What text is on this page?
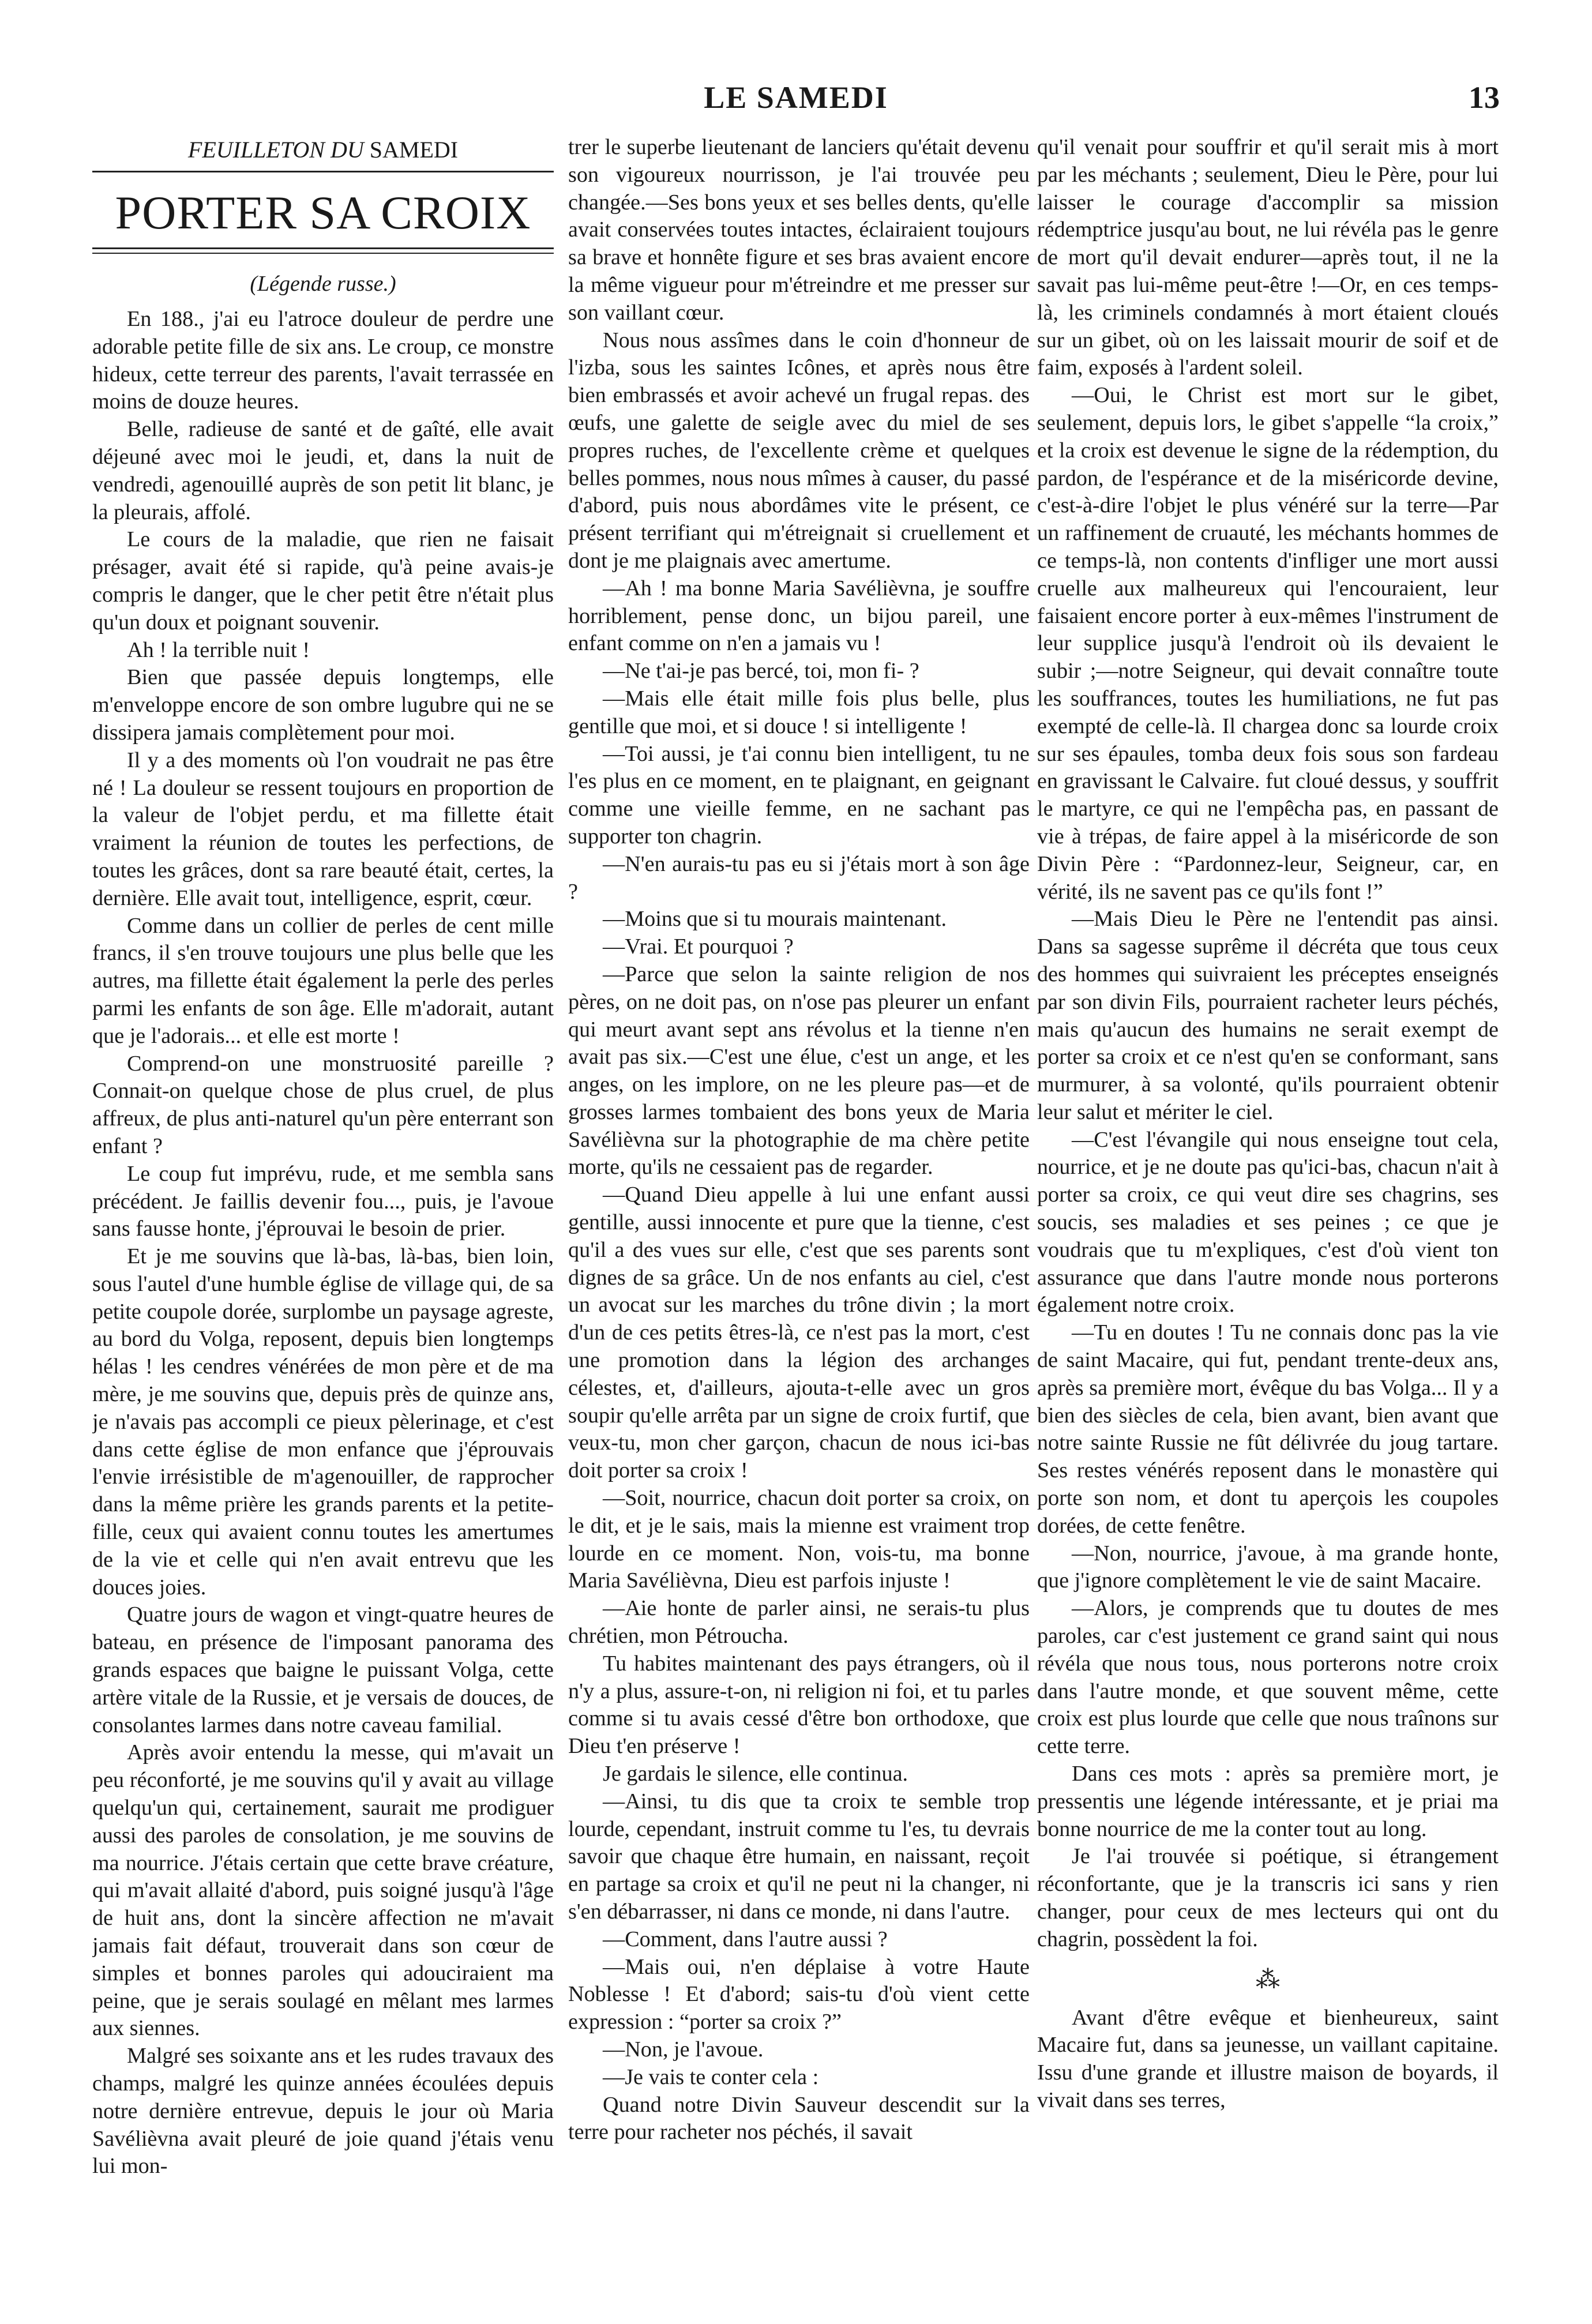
LE SAMEDI	13
FEUILLETON DU SAMEDI
PORTER SA CROIX
(Légende russe.)

En 188., j'ai eu l'atroce douleur de perdre une adorable petite fille de six ans. Le croup, ce monstre hideux, cette terreur des parents, l'avait terrassée en moins de douze heures.

Belle, radieuse de santé et de gaîté, elle avait déjeuné avec moi le jeudi, et, dans la nuit de vendredi, agenouillé auprès de son petit lit blanc, je la pleurais, affolé.

Le cours de la maladie, que rien ne faisait présager, avait été si rapide, qu'à peine avais-je compris le danger, que le cher petit être n'était plus qu'un doux et poignant souvenir.

Ah ! la terrible nuit !

Bien que passée depuis longtemps, elle m'enveloppe encore de son ombre lugubre qui ne se dissipera jamais complètement pour moi.

Il y a des moments où l'on voudrait ne pas être né ! La douleur se ressent toujours en proportion de la valeur de l'objet perdu, et ma fillette était vraiment la réunion de toutes les perfections, de toutes les grâces, dont sa rare beauté était, certes, la dernière. Elle avait tout, intelligence, esprit, cœur.

Comme dans un collier de perles de cent mille francs, il s'en trouve toujours une plus belle que les autres, ma fillette était également la perle des perles parmi les enfants de son âge. Elle m'adorait, autant que je l'adorais... et elle est morte !

Comprend-on une monstruosité pareille ? Connait-on quelque chose de plus cruel, de plus affreux, de plus anti-naturel qu'un père enterrant son enfant ?

Le coup fut imprévu, rude, et me sembla sans précédent. Je faillis devenir fou..., puis, je l'avoue sans fausse honte, j'éprouvai le besoin de prier.

Et je me souvins que là-bas, là-bas, bien loin, sous l'autel d'une humble église de village qui, de sa petite coupole dorée, surplombe un paysage agreste, au bord du Volga, reposent, depuis bien longtemps hélas ! les cendres vénérées de mon père et de ma mère, je me souvins que, depuis près de quinze ans, je n'avais pas accompli ce pieux pèlerinage, et c'est dans cette église de mon enfance que j'éprouvais l'envie irrésistible de m'agenouiller, de rapprocher dans la même prière les grands parents et la petite-fille, ceux qui avaient connu toutes les amertumes de la vie et celle qui n'en avait entrevu que les douces joies.

Quatre jours de wagon et vingt-quatre heures de bateau, en présence de l'imposant panorama des grands espaces que baigne le puissant Volga, cette artère vitale de la Russie, et je versais de douces, de consolantes larmes dans notre caveau familial.

Après avoir entendu la messe, qui m'avait un peu réconforté, je me souvins qu'il y avait au village quelqu'un qui, certainement, saurait me prodiguer aussi des paroles de consolation, je me souvins de ma nourrice. J'étais certain que cette brave créature, qui m'avait allaité d'abord, puis soigné jusqu'à l'âge de huit ans, dont la sincère affection ne m'avait jamais fait défaut, trouverait dans son cœur de simples et bonnes paroles qui adouciraient ma peine, que je serais soulagé en mêlant mes larmes aux siennes.

Malgré ses soixante ans et les rudes travaux des champs, malgré les quinze années écoulées depuis notre dernière entrevue, depuis le jour où Maria Savélièvna avait pleuré de joie quand j'étais venu lui mon-

trer le superbe lieutenant de lanciers qu'était devenu son vigoureux nourrisson, je l'ai trouvée peu changée.—Ses bons yeux et ses belles dents, qu'elle avait conservées toutes intactes, éclairaient toujours sa brave et honnête figure et ses bras avaient encore la même vigueur pour m'étreindre et me presser sur son vaillant cœur.

Nous nous assîmes dans le coin d'honneur de l'izba, sous les saintes Icônes, et après nous être bien embrassés et avoir achevé un frugal repas. des œufs, une galette de seigle avec du miel de ses propres ruches, de l'excellente crème et quelques belles pommes, nous nous mîmes à causer, du passé d'abord, puis nous abordâmes vite le présent, ce présent terrifiant qui m'étreignait si cruellement et dont je me plaignais avec amertume.

—Ah ! ma bonne Maria Savélièvna, je souffre horriblement, pense donc, un bijou pareil, une enfant comme on n'en a jamais vu !

—Ne t'ai-je pas bercé, toi, mon fi- ?

—Mais elle était mille fois plus belle, plus gentille que moi, et si douce ! si intelligente !

—Toi aussi, je t'ai connu bien intelligent, tu ne l'es plus en ce moment, en te plaignant, en geignant comme une vieille femme, en ne sachant pas supporter ton chagrin.

—N'en aurais-tu pas eu si j'étais mort à son âge ?

—Moins que si tu mourais maintenant.

—Vrai. Et pourquoi ?

—Parce que selon la sainte religion de nos pères, on ne doit pas, on n'ose pas pleurer un enfant qui meurt avant sept ans révolus et la tienne n'en avait pas six.—C'est une élue, c'est un ange, et les anges, on les implore, on ne les pleure pas—et de grosses larmes tombaient des bons yeux de Maria Savélièvna sur la photographie de ma chère petite morte, qu'ils ne cessaient pas de regarder.

—Quand Dieu appelle à lui une enfant aussi gentille, aussi innocente et pure que la tienne, c'est qu'il a des vues sur elle, c'est que ses parents sont dignes de sa grâce. Un de nos enfants au ciel, c'est un avocat sur les marches du trône divin ; la mort d'un de ces petits êtres-là, ce n'est pas la mort, c'est une promotion dans la légion des archanges célestes, et, d'ailleurs, ajouta-t-elle avec un gros soupir qu'elle arrêta par un signe de croix furtif, que veux-tu, mon cher garçon, chacun de nous ici-bas doit porter sa croix !

—Soit, nourrice, chacun doit porter sa croix, on le dit, et je le sais, mais la mienne est vraiment trop lourde en ce moment. Non, vois-tu, ma bonne Maria Savélièvna, Dieu est parfois injuste !

—Aie honte de parler ainsi, ne serais-tu plus chrétien, mon Pétroucha.

Tu habites maintenant des pays étrangers, où il n'y a plus, assure-t-on, ni religion ni foi, et tu parles comme si tu avais cessé d'être bon orthodoxe, que Dieu t'en préserve !

Je gardais le silence, elle continua.

—Ainsi, tu dis que ta croix te semble trop lourde, cependant, instruit comme tu l'es, tu devrais savoir que chaque être humain, en naissant, reçoit en partage sa croix et qu'il ne peut ni la changer, ni s'en débarrasser, ni dans ce monde, ni dans l'autre.

—Comment, dans l'autre aussi ?

—Mais oui, n'en déplaise à votre Haute Noblesse ! Et d'abord; sais-tu d'où vient cette expression : “porter sa croix ?”

—Non, je l'avoue.

—Je vais te conter cela :

Quand notre Divin Sauveur descendit sur la terre pour racheter nos péchés, il savait

qu'il venait pour souffrir et qu'il serait mis à mort par les méchants ; seulement, Dieu le Père, pour lui laisser le courage d'accomplir sa mission rédemptrice jusqu'au bout, ne lui révéla pas le genre de mort qu'il devait endurer—après tout, il ne la savait pas lui-même peut-être !—Or, en ces temps-là, les criminels condamnés à mort étaient cloués sur un gibet, où on les laissait mourir de soif et de faim, exposés à l'ardent soleil.

—Oui, le Christ est mort sur le gibet, seulement, depuis lors, le gibet s'appelle “la croix,” et la croix est devenue le signe de la rédemption, du pardon, de l'espérance et de la miséricorde devine, c'est-à-dire l'objet le plus vénéré sur la terre—Par un raffinement de cruauté, les méchants hommes de ce temps-là, non contents d'infliger une mort aussi cruelle aux malheureux qui l'encouraient, leur faisaient encore porter à eux-mêmes l'instrument de leur supplice jusqu'à l'endroit où ils devaient le subir ;—notre Seigneur, qui devait connaître toute les souffrances, toutes les humiliations, ne fut pas exempté de celle-là. Il chargea donc sa lourde croix sur ses épaules, tomba deux fois sous son fardeau en gravissant le Calvaire. fut cloué dessus, y souffrit le martyre, ce qui ne l'empêcha pas, en passant de vie à trépas, de faire appel à la miséricorde de son Divin Père : “Pardonnez-leur, Seigneur, car, en vérité, ils ne savent pas ce qu'ils font !”

—Mais Dieu le Père ne l'entendit pas ainsi. Dans sa sagesse suprême il décréta que tous ceux des hommes qui suivraient les préceptes enseignés par son divin Fils, pourraient racheter leurs péchés, mais qu'aucun des humains ne serait exempt de porter sa croix et ce n'est qu'en se conformant, sans murmurer, à sa volonté, qu'ils pourraient obtenir leur salut et mériter le ciel.

—C'est l'évangile qui nous enseigne tout cela, nourrice, et je ne doute pas qu'ici-bas, chacun n'ait à porter sa croix, ce qui veut dire ses chagrins, ses soucis, ses maladies et ses peines ; ce que je voudrais que tu m'expliques, c'est d'où vient ton assurance que dans l'autre monde nous porterons également notre croix.

—Tu en doutes ! Tu ne connais donc pas la vie de saint Macaire, qui fut, pendant trente-deux ans, après sa première mort, évêque du bas Volga... Il y a bien des siècles de cela, bien avant, bien avant que notre sainte Russie ne fût délivrée du joug tartare. Ses restes vénérés reposent dans le monastère qui porte son nom, et dont tu aperçois les coupoles dorées, de cette fenêtre.

—Non, nourrice, j'avoue, à ma grande honte, que j'ignore complètement le vie de saint Macaire.

—Alors, je comprends que tu doutes de mes paroles, car c'est justement ce grand saint qui nous révéla que nous tous, nous porterons notre croix dans l'autre monde, et que souvent même, cette croix est plus lourde que celle que nous traînons sur cette terre.

Dans ces mots : après sa première mort, je pressentis une légende intéressante, et je priai ma bonne nourrice de me la conter tout au long.

Je l'ai trouvée si poétique, si étrangement réconfortante, que je la transcris ici sans y rien changer, pour ceux de mes lecteurs qui ont du chagrin, possèdent la foi.

⁂

Avant d'être evêque et bienheureux, saint Macaire fut, dans sa jeunesse, un vaillant capitaine. Issu d'une grande et illustre maison de boyards, il vivait dans ses terres,
